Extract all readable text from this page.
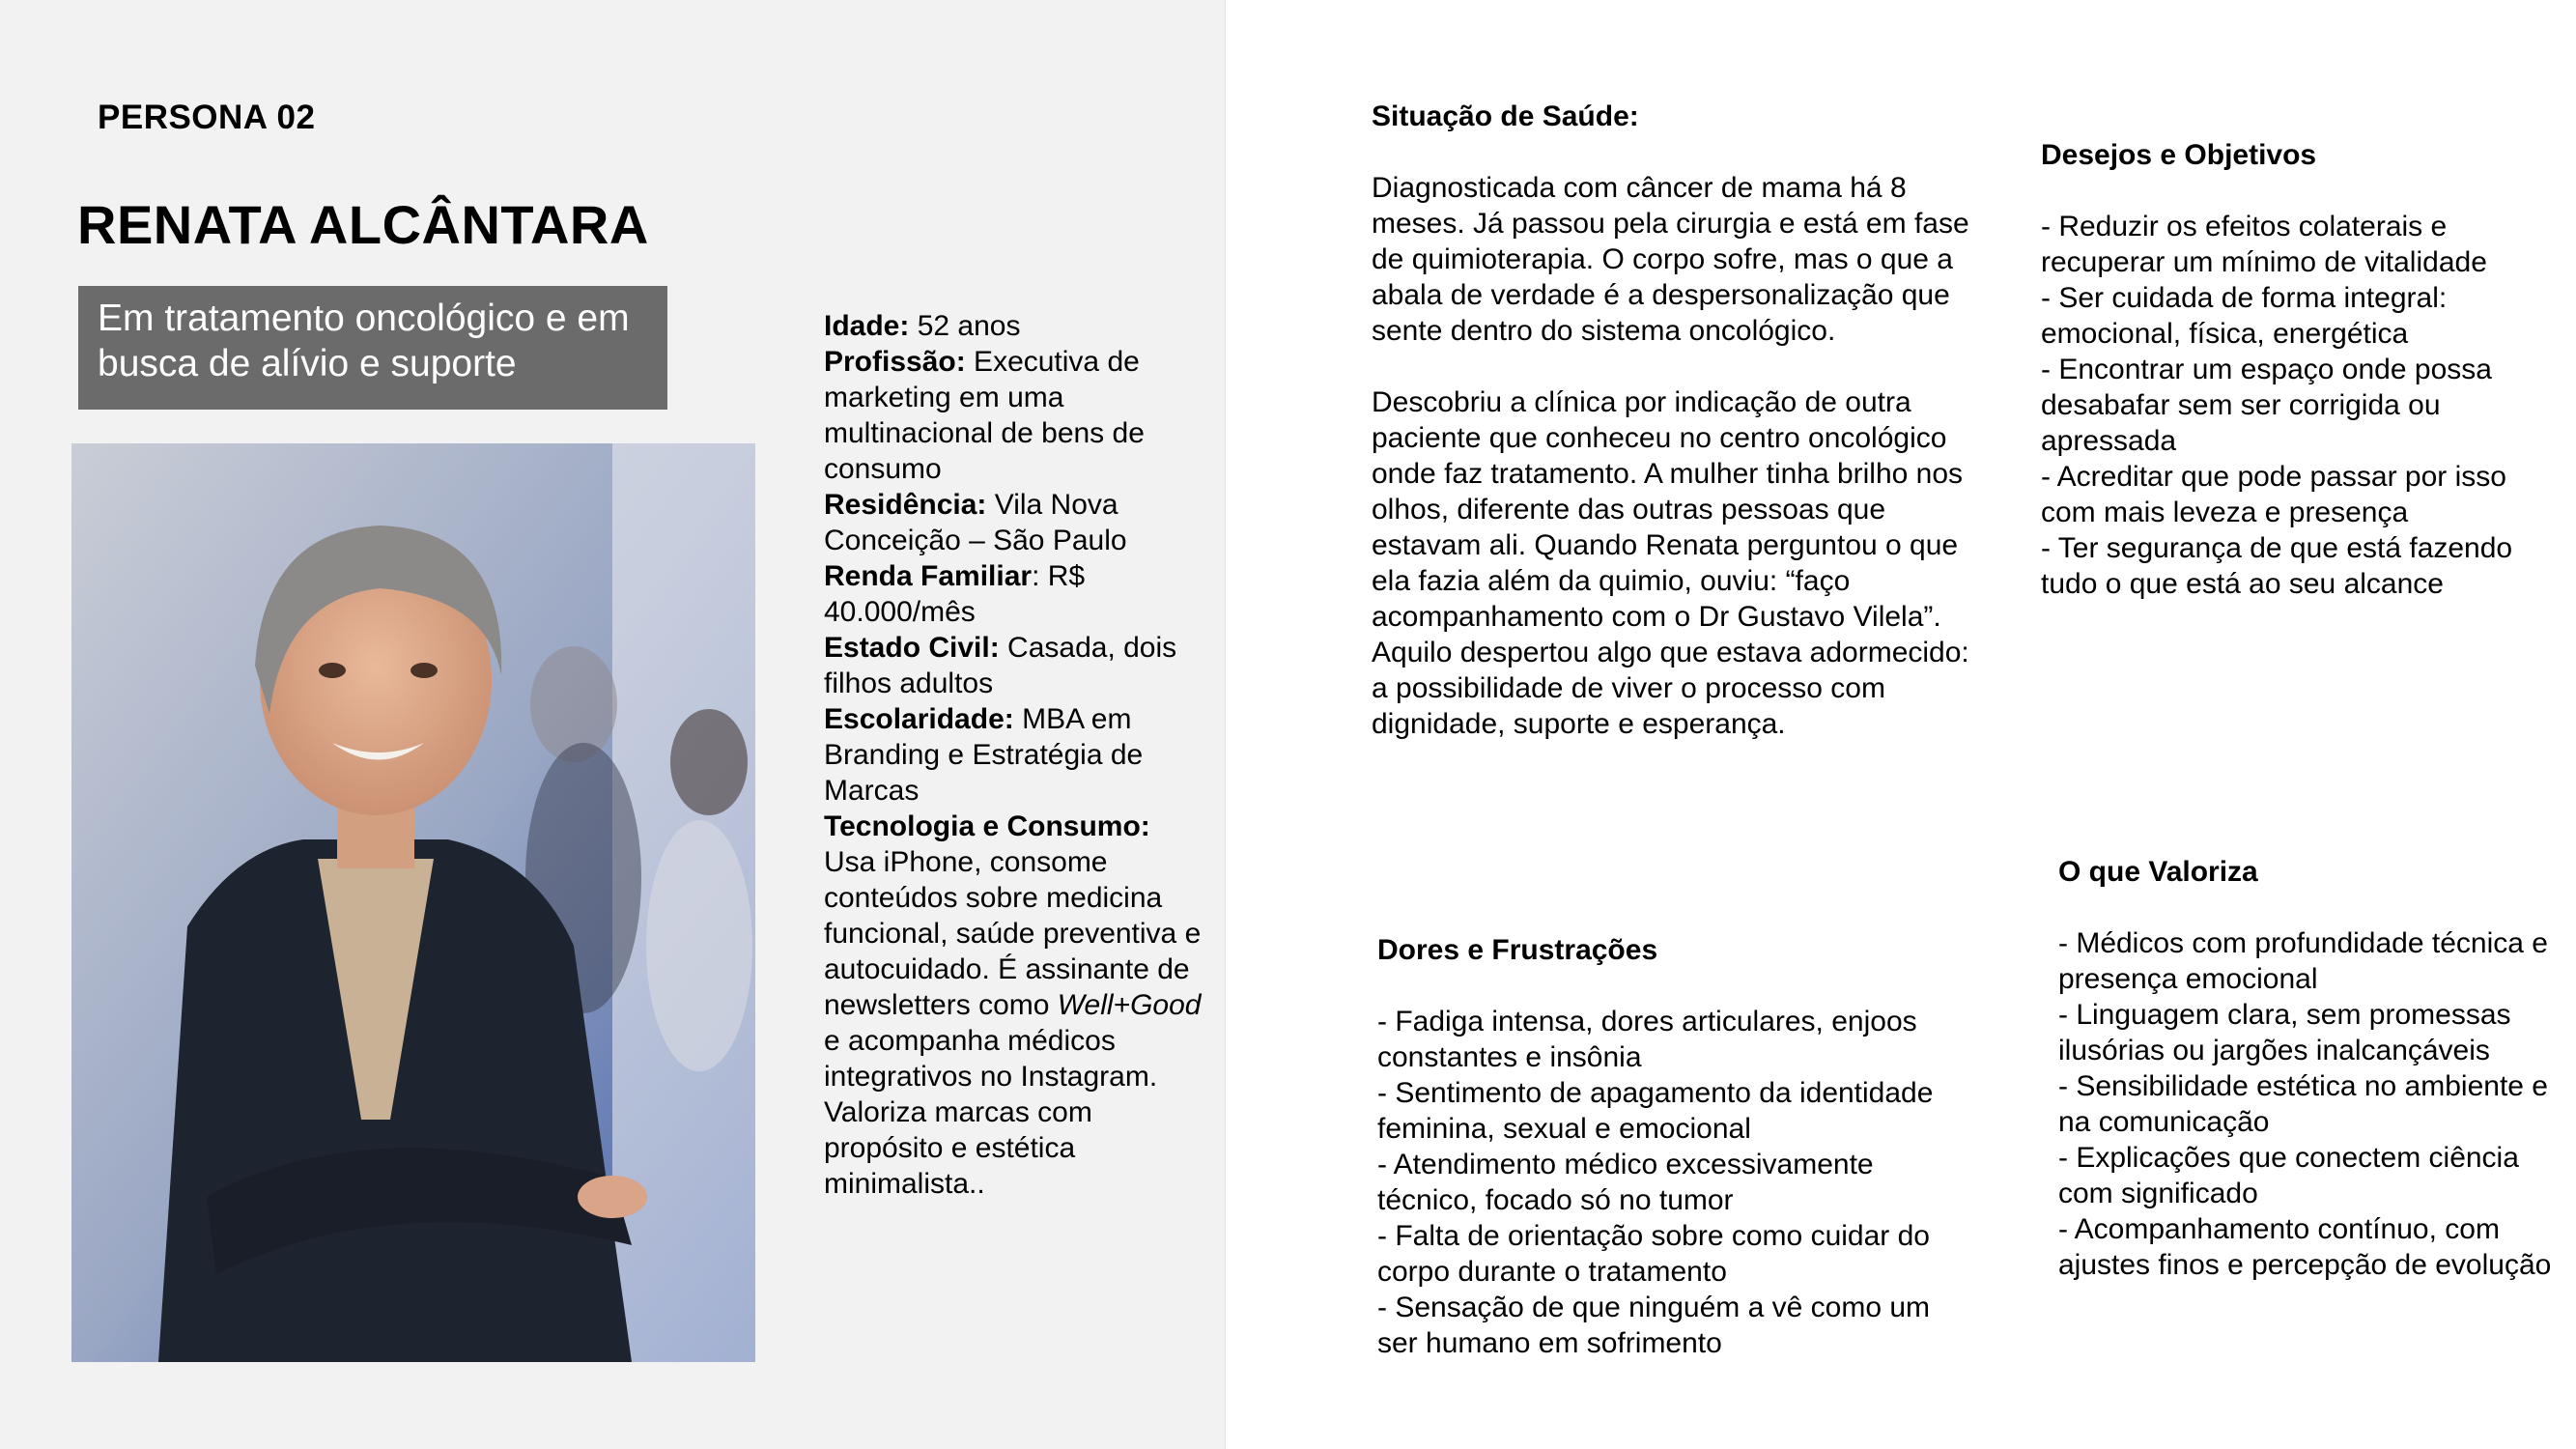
PERSONA 02
RENATA ALCÂNTARA
Em tratamento oncológico e em busca de alívio e suporte

Idade: 52 anos

Profissão: Executiva de marketing em uma multinacional de bens de consumo

Residência: Vila Nova Conceição – São Paulo

Renda Familiar: R$ 40.000/mês

Estado Civil: Casada, dois filhos adultos

Escolaridade: MBA em Branding e Estratégia de Marcas

Tecnologia e Consumo: Usa iPhone, consome conteúdos sobre medicina funcional, saúde preventiva e autocuidado. É assinante de newsletters como Well+Good e acompanha médicos integrativos no Instagram. Valoriza marcas com propósito e estética minimalista..

Situação de Saúde:

Diagnosticada com câncer de mama há 8 meses. Já passou pela cirurgia e está em fase de quimioterapia. O corpo sofre, mas o que a abala de verdade é a despersonalização que sente dentro do sistema oncológico.

Descobriu a clínica por indicação de outra paciente que conheceu no centro oncológico onde faz tratamento. A mulher tinha brilho nos olhos, diferente das outras pessoas que estavam ali. Quando Renata perguntou o que ela fazia além da quimio, ouviu: “faço acompanhamento com o Dr Gustavo Vilela”. Aquilo despertou algo que estava adormecido: a possibilidade de viver o processo com dignidade, suporte e esperança.

Desejos e Objetivos

- Reduzir os efeitos colaterais e recuperar um mínimo de vitalidade

- Ser cuidada de forma integral: emocional, física, energética

- Encontrar um espaço onde possa desabafar sem ser corrigida ou apressada

- Acreditar que pode passar por isso com mais leveza e presença

- Ter segurança de que está fazendo tudo o que está ao seu alcance

Dores e Frustrações

- Fadiga intensa, dores articulares, enjoos constantes e insônia

- Sentimento de apagamento da identidade feminina, sexual e emocional

- Atendimento médico excessivamente técnico, focado só no tumor

- Falta de orientação sobre como cuidar do corpo durante o tratamento

- Sensação de que ninguém a vê como um ser humano em sofrimento

O que Valoriza

- Médicos com profundidade técnica e presença emocional

- Linguagem clara, sem promessas ilusórias ou jargões inalcançáveis

- Sensibilidade estética no ambiente e na comunicação

- Explicações que conectem ciência com significado

- Acompanhamento contínuo, com ajustes finos e percepção de evolução
